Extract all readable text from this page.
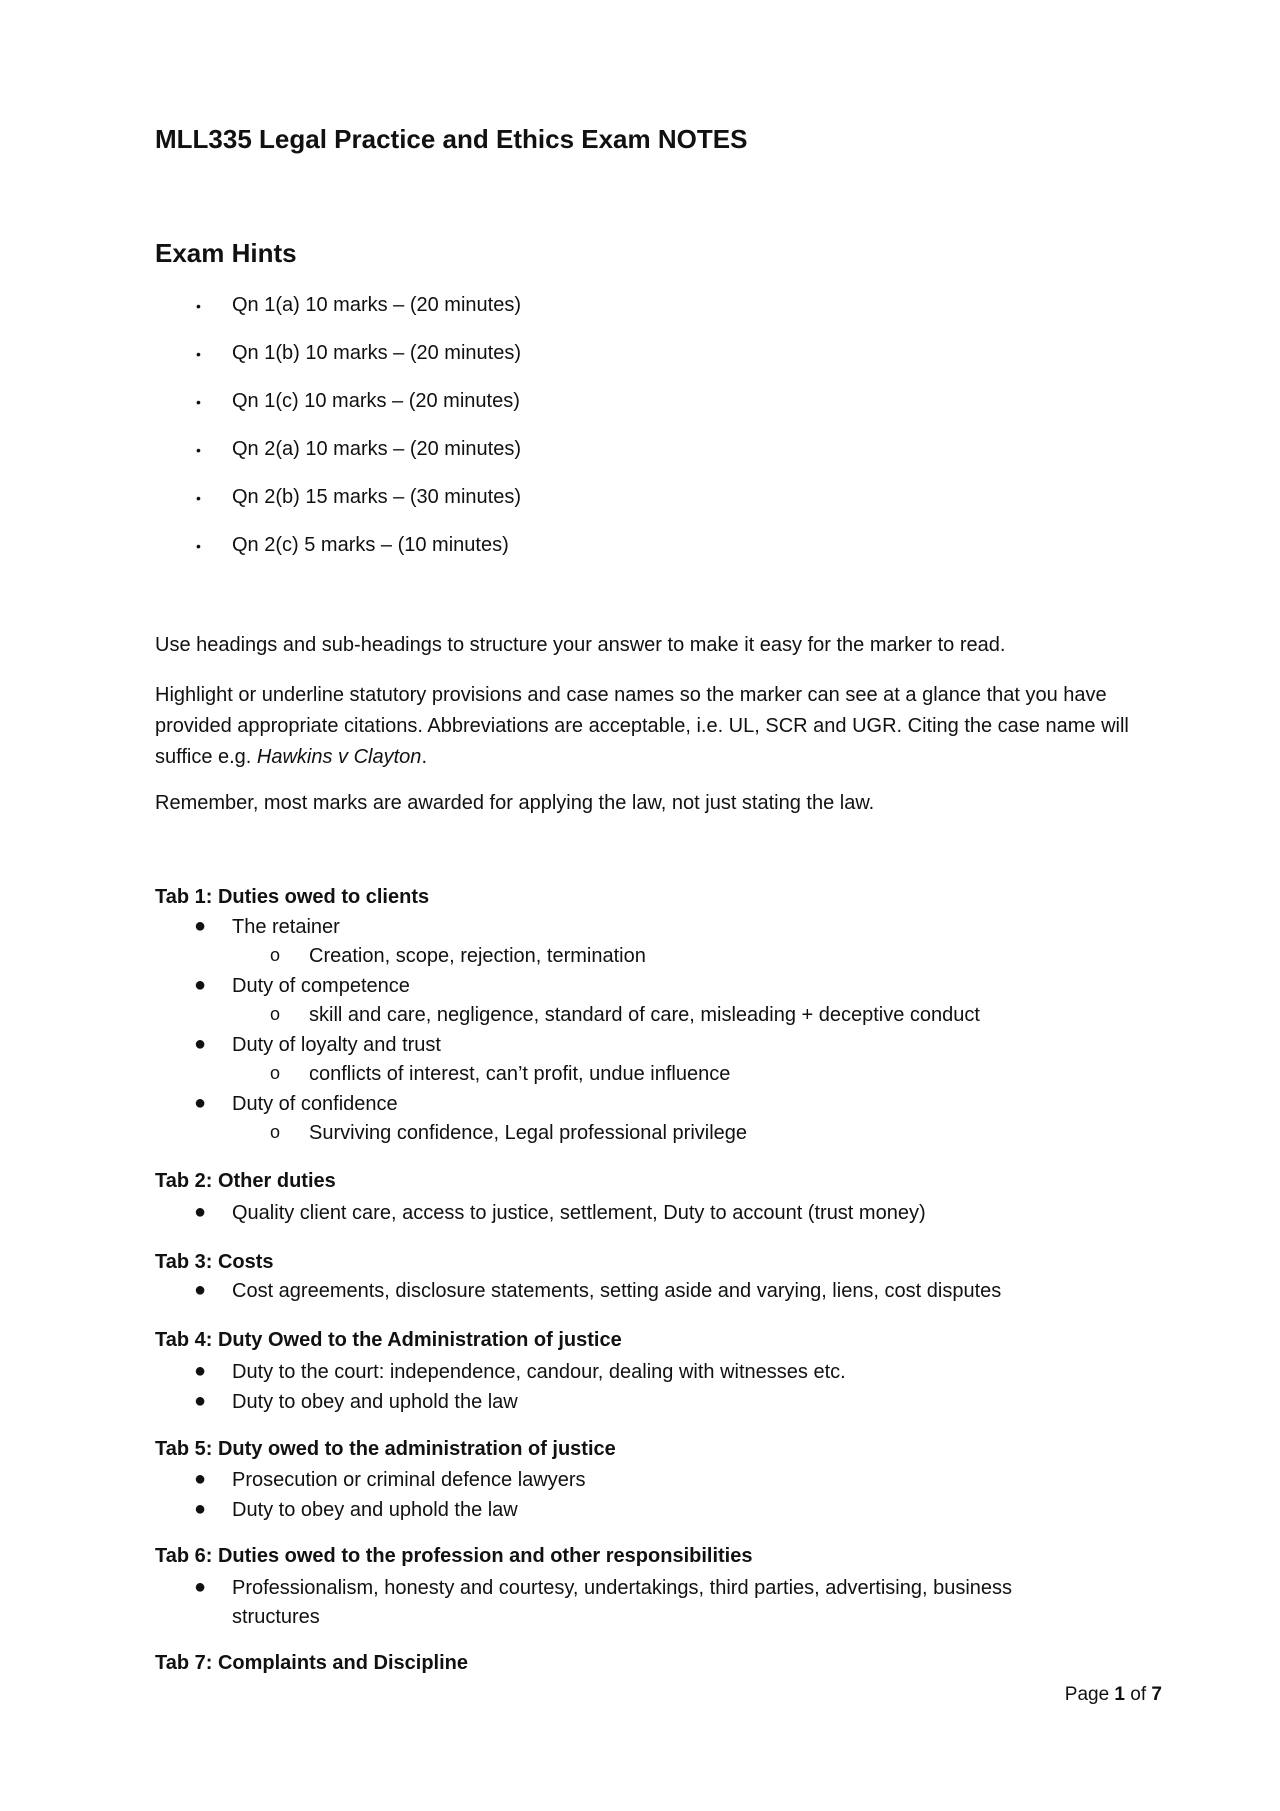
MLL335 Legal Practice and Ethics Exam NOTES
Exam Hints
• Qn 1(a) 10 marks – (20 minutes)
• Qn 1(b) 10 marks – (20 minutes)
• Qn 1(c) 10 marks – (20 minutes)
• Qn 2(a) 10 marks – (20 minutes)
• Qn 2(b) 15 marks – (30 minutes)
• Qn 2(c) 5 marks – (10 minutes)
Use headings and sub-headings to structure your answer to make it easy for the marker to read.
Highlight or underline statutory provisions and case names so the marker can see at a glance that you have provided appropriate citations. Abbreviations are acceptable, i.e. UL, SCR and UGR. Citing the case name will suffice e.g. Hawkins v Clayton.
Remember, most marks are awarded for applying the law, not just stating the law.
Tab 1: Duties owed to clients
● The retainer
o Creation, scope, rejection, termination
● Duty of competence
o skill and care, negligence, standard of care, misleading + deceptive conduct
● Duty of loyalty and trust
o conflicts of interest, can’t profit, undue influence
● Duty of confidence
o Surviving confidence, Legal professional privilege
Tab 2: Other duties
● Quality client care, access to justice, settlement, Duty to account (trust money)
Tab 3: Costs
● Cost agreements, disclosure statements, setting aside and varying, liens, cost disputes
Tab 4: Duty Owed to the Administration of justice
● Duty to the court: independence, candour, dealing with witnesses etc.
● Duty to obey and uphold the law
Tab 5: Duty owed to the administration of justice
● Prosecution or criminal defence lawyers
● Duty to obey and uphold the law
Tab 6: Duties owed to the profession and other responsibilities
● Professionalism, honesty and courtesy, undertakings, third parties, advertising, business
structures
Tab 7: Complaints and Discipline
Page 1 of 7
